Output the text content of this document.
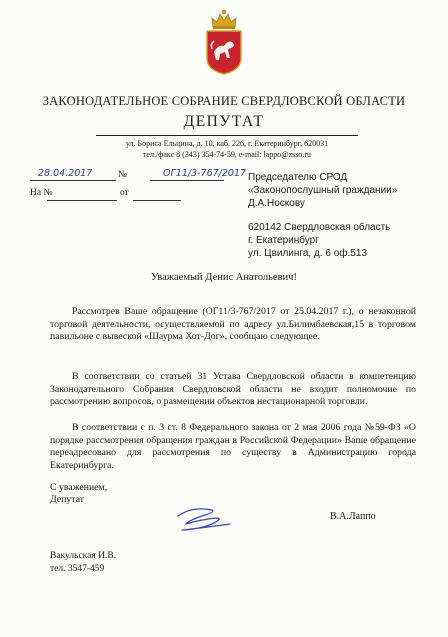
ЗАКОНОДАТЕЛЬНОЕ СОБРАНИЕ СВЕРДЛОВСКОЙ ОБЛАСТИ
ДЕПУТАТ
ул. Бориса Ельцина, д. 10, каб. 226, г. Екатеринбург, 620031
тел./факс 8 (343) 354-74-59, e-mail: lappo@zsso.ru
28.04.2017	№	ОГ11/3-767/2017
На №	от
Председателю СРОД
«Законопослушный граждании»
Д.А.Носкову
620142 Свердловская область
г. Екатеринбург
ул. Цвилинга, д. 6 оф.513
Уважаемый Денис Анатольевич!
Рассмотрев Ваше обращение (ОГ11/3-767/2017 от 25.04.2017 г.), о незаконной торговой деятельности, осуществляемой по адресу ул.Билимбаевская,15 в торговом павильоне с вывеской «Шаурма Хот-Дог», сообщаю следующее.
В соответствии со статьей 31 Устава Свердловской области в компетенцию Законодательного Собрания Свердловской области не входит полномочие по рассмотрению вопросов, о размещении объектов нестационарной торговли.
В соответствии с п. 3 ст. 8 Федерального закона от 2 мая 2006 года №59-ФЗ «О порядке рассмотрения обращения граждан в Российской Федерации» Ваше обращение переадресовано для рассмотрения по существу в Администрацию города Екатеринбурга.
С уважением,
Депутат
В.А.Лаппо
Вакульская И.В.
тел. 3547-459
